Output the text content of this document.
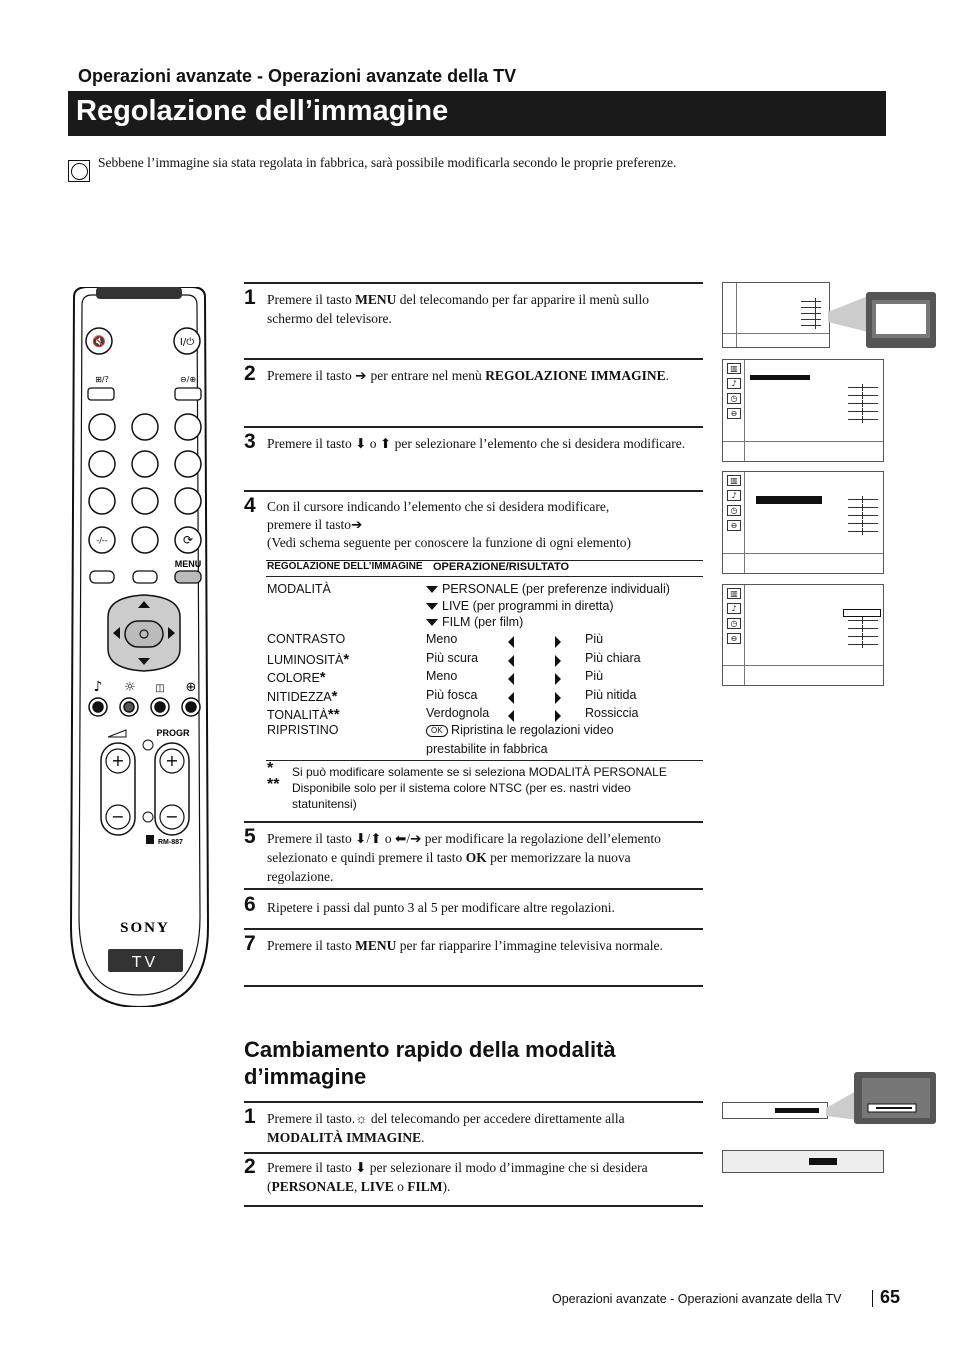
Operazioni avanzate - Operazioni avanzate della TV
Regolazione dell’immagine
Sebbene l’immagine sia stata regolata in fabbrica, sarà possibile modificarla secondo le proprie preferenze.
🔇	I/⏻
⊞/?	⊖/⊕
-/--	⟳
MENU
♪ ☼ ◫ ⊕
PROGR
+
−
+
−
RM-887
SONY
TV
1 Premere il tasto MENU del telecomando per far apparire il menù sullo schermo del televisore.
2 Premere il tasto ➔ per entrare nel menù REGOLAZIONE IMMAGINE.
3 Premere il tasto ⬇ o ⬆ per selezionare l’elemento che si desidera modificare.
4 Con il cursore indicando l’elemento che si desidera modificare,
premere il tasto➔
(Vedi schema seguente per conoscere la funzione di ogni elemento)
REGOLAZIONE DELL’IMMAGINE OPERAZIONE/RISULTATO
MODALITÀ	PERSONALE (per preferenze individuali)
LIVE (per programmi in diretta)
FILM (per film)
CONTRASTO	Meno	Più
LUMINOSITÀ*	Più scura	Più chiara
COLORE*	Meno	Più
NITIDEZZA*	Più fosca	Più nitida
TONALITÀ**	Verdognola	Rossiccia
RIPRISTINO	OK Ripristina le regolazioni video
prestabilite in fabbrica
* Si può modificare solamente se si seleziona MODALITÀ PERSONALE
** Disponibile solo per il sistema colore NTSC (per es. nastri video
statunitensi)
5 Premere il tasto ⬇/⬆ o ⬅/➔ per modificare la regolazione dell’elemento selezionato e quindi premere il tasto OK per memorizzare la nuova regolazione.
6 Ripetere i passi dal punto 3 al 5 per modificare altre regolazioni.
7 Premere il tasto MENU per far riapparire l’immagine televisiva normale.
▥
♪
◷
⊖
▥
♪
◷
⊖
▥
♪
◷
⊖
Cambiamento rapido della modalità d’immagine
1 Premere il tasto.☼ del telecomando per accedere direttamente alla MODALITÀ IMMAGINE.
2 Premere il tasto ⬇ per selezionare il modo d’immagine che si desidera (PERSONALE, LIVE o FILM).
Operazioni avanzate - Operazioni avanzate della TV 65
